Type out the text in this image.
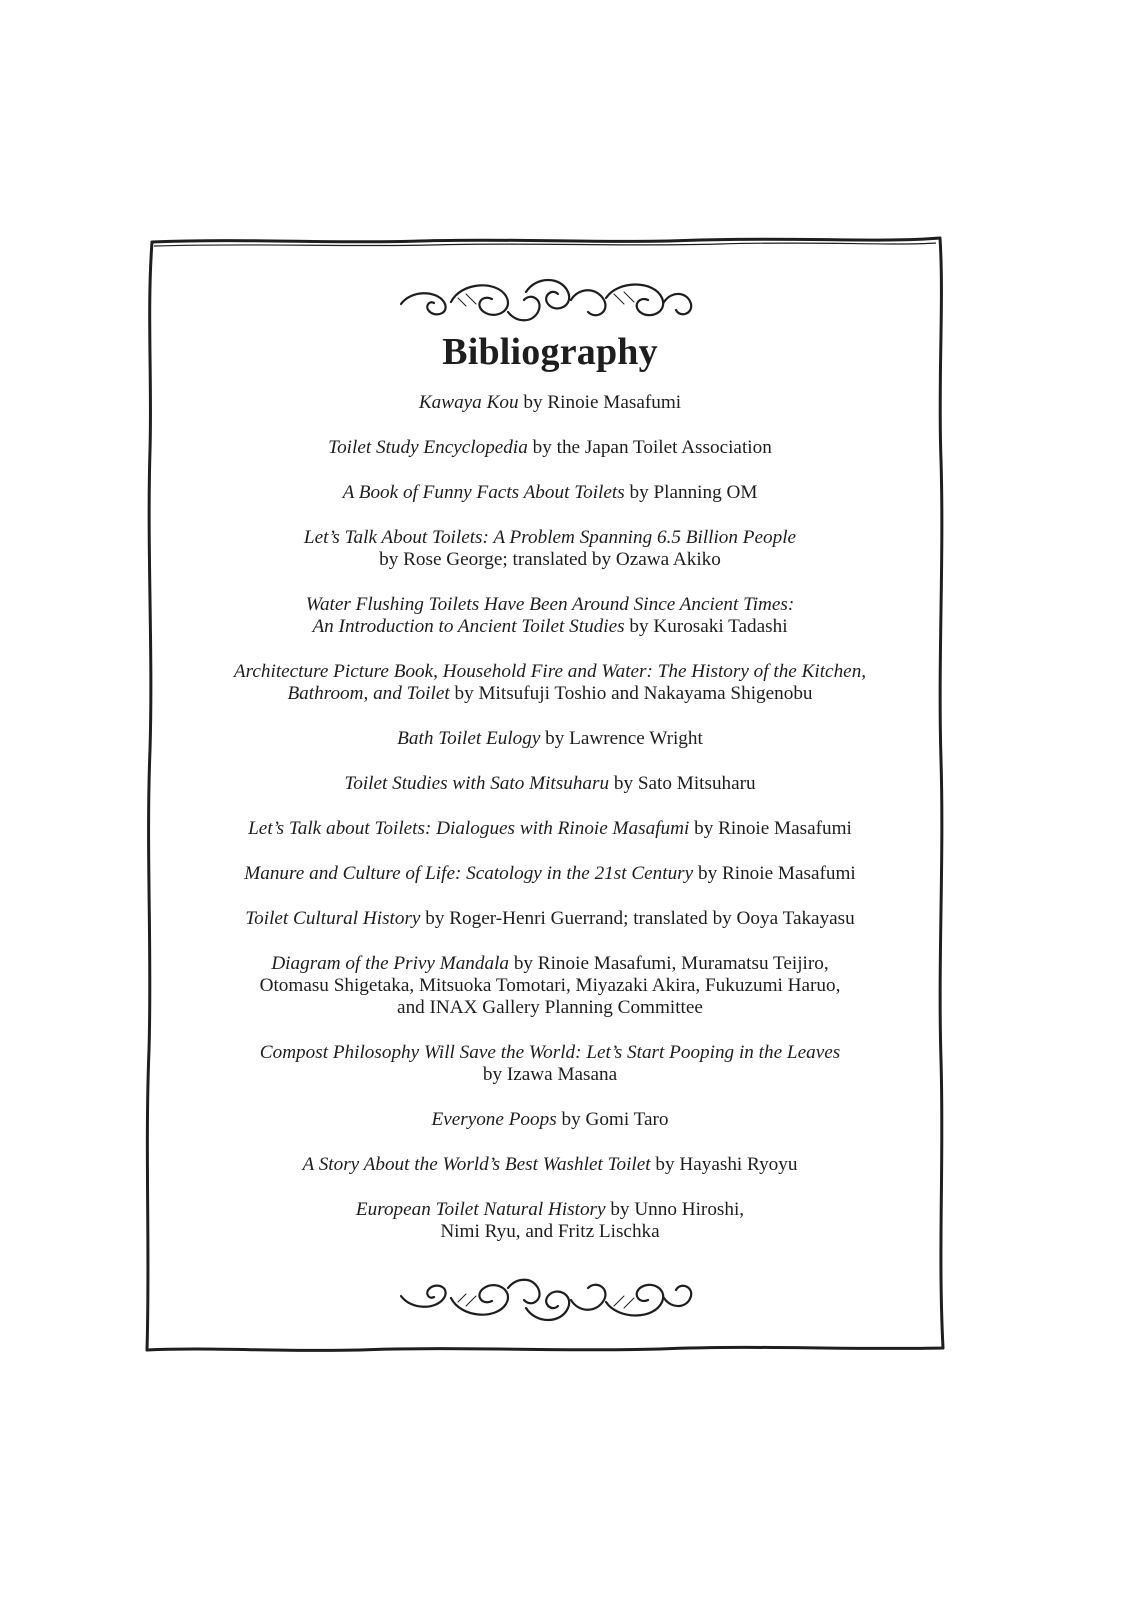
Bibliography
Kawaya Kou by Rinoie Masafumi
Toilet Study Encyclopedia by the Japan Toilet Association
A Book of Funny Facts About Toilets by Planning OM
Let’s Talk About Toilets: A Problem Spanning 6.5 Billion People
by Rose George; translated by Ozawa Akiko
Water Flushing Toilets Have Been Around Since Ancient Times:
An Introduction to Ancient Toilet Studies by Kurosaki Tadashi
Architecture Picture Book, Household Fire and Water: The History of the Kitchen,
Bathroom, and Toilet by Mitsufuji Toshio and Nakayama Shigenobu
Bath Toilet Eulogy by Lawrence Wright
Toilet Studies with Sato Mitsuharu by Sato Mitsuharu
Let’s Talk about Toilets: Dialogues with Rinoie Masafumi by Rinoie Masafumi
Manure and Culture of Life: Scatology in the 21st Century by Rinoie Masafumi
Toilet Cultural History by Roger-Henri Guerrand; translated by Ooya Takayasu
Diagram of the Privy Mandala by Rinoie Masafumi, Muramatsu Teijiro,
Otomasu Shigetaka, Mitsuoka Tomotari, Miyazaki Akira, Fukuzumi Haruo,
and INAX Gallery Planning Committee
Compost Philosophy Will Save the World: Let’s Start Pooping in the Leaves
by Izawa Masana
Everyone Poops by Gomi Taro
A Story About the World’s Best Washlet Toilet by Hayashi Ryoyu
European Toilet Natural History by Unno Hiroshi,
Nimi Ryu, and Fritz Lischka
